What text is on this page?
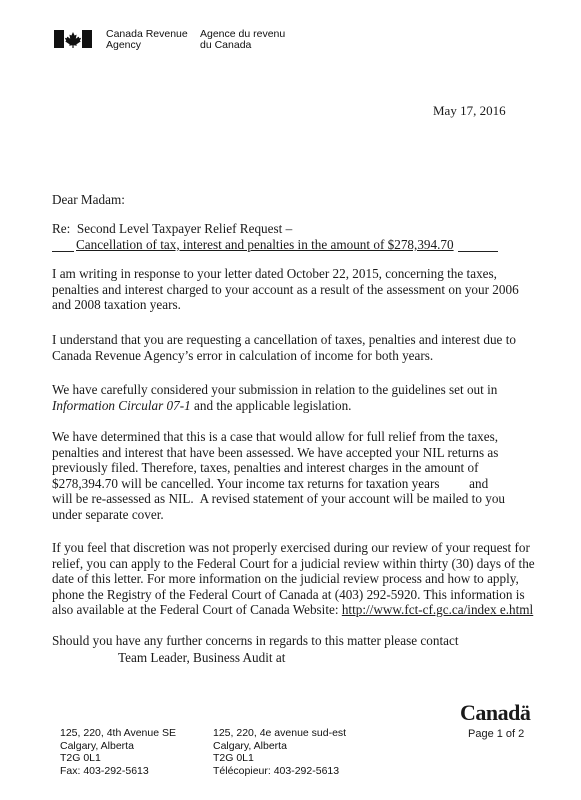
Canada Revenue
Agency
Agence du revenu
du Canada
May 17, 2016
Dear Madam:
Re: Second Level Taxpayer Relief Request –
Cancellation of tax, interest and penalties in the amount of $278,394.70

I am writing in response to your letter dated October 22, 2015, concerning the taxes,
penalties and interest charged to your account as a result of the assessment on your 2006
and 2008 taxation years.

I understand that you are requesting a cancellation of taxes, penalties and interest due to
Canada Revenue Agency’s error in calculation of income for both years.

We have carefully considered your submission in relation to the guidelines set out in
Information Circular 07-1 and the applicable legislation.

We have determined that this is a case that would allow for full relief from the taxes,
penalties and interest that have been assessed. We have accepted your NIL returns as
previously filed. Therefore, taxes, penalties and interest charges in the amount of
$278,394.70 will be cancelled. Your income tax returns for taxation years         and
will be re-assessed as NIL.  A revised statement of your account will be mailed to you
under separate cover.

If you feel that discretion was not properly exercised during our review of your request for
relief, you can apply to the Federal Court for a judicial review within thirty (30) days of the
date of this letter. For more information on the judicial review process and how to apply,
phone the Registry of the Federal Court of Canada at (403) 292-5920. This information is
also available at the Federal Court of Canada Website: http://www.fct-cf.gc.ca/index e.html

Should you have any further concerns in regards to this matter please contact
Team Leader, Business Audit at
125, 220, 4th Avenue SE
Calgary, Alberta
T2G 0L1
Fax: 403-292-5613
125, 220, 4e avenue sud-est
Calgary, Alberta
T2G 0L1
Télécopieur: 403-292-5613
Canadä
Page 1 of 2
